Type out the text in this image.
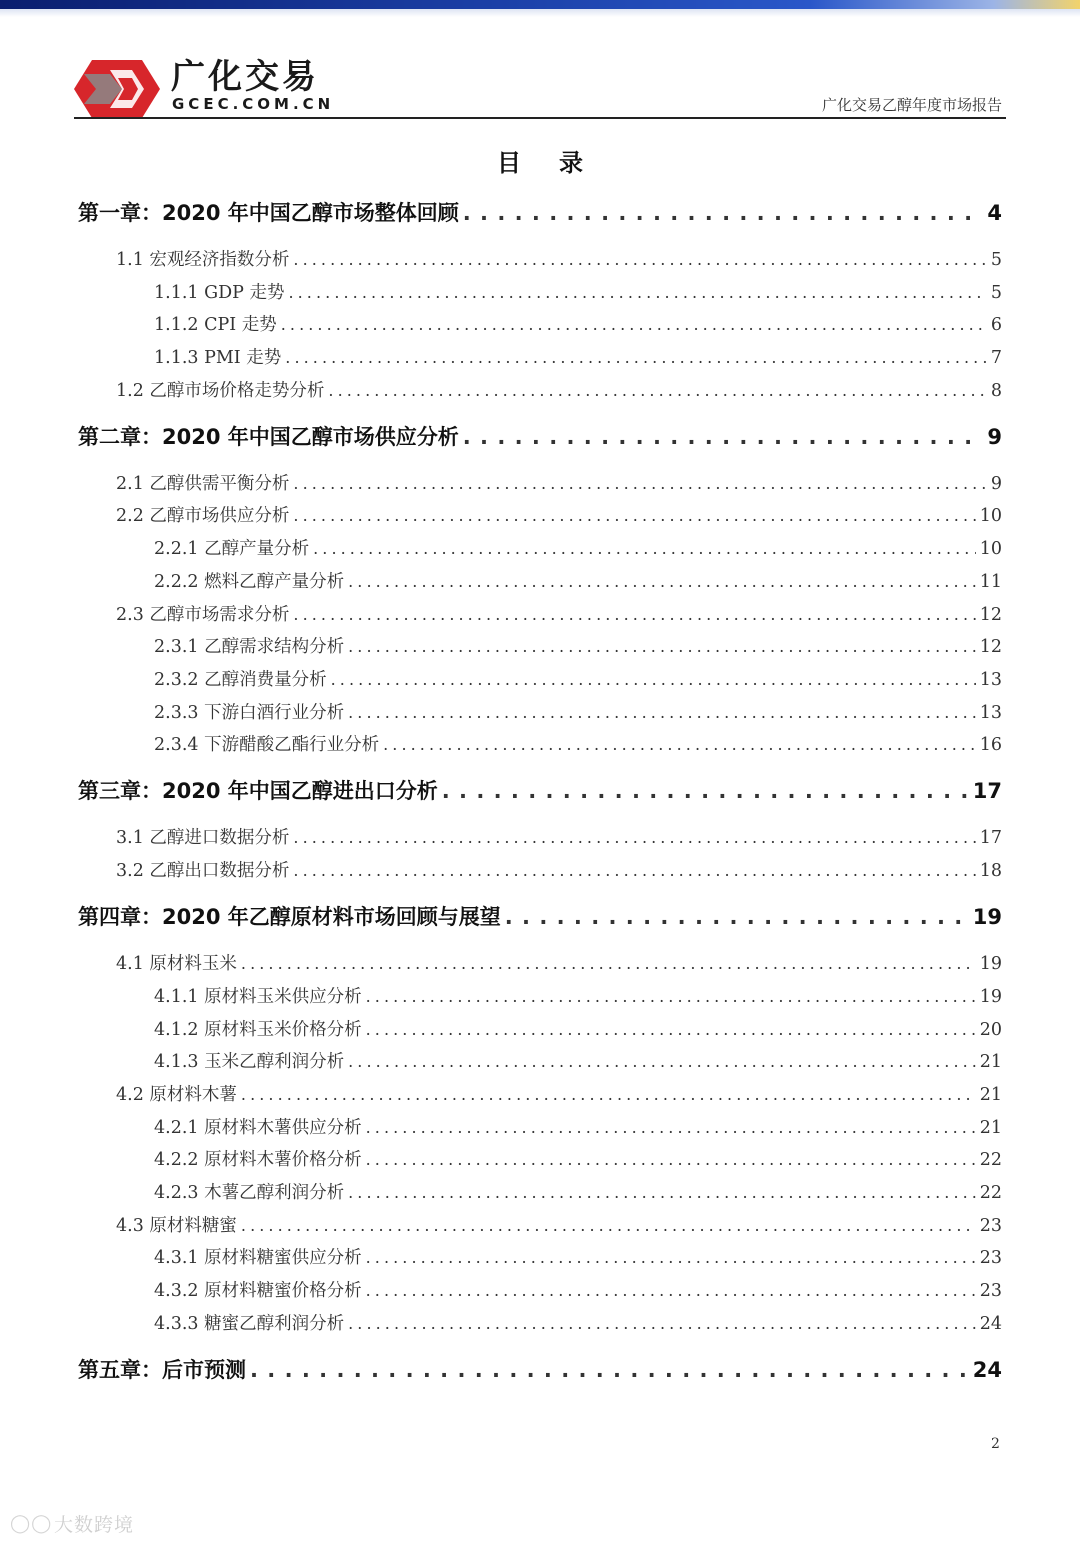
广化交易
GCEC.COM.CN	广化交易乙醇年度市场报告
目录
第一章：2020 年中国乙醇市场整体回顾 . . .	4
1.1 宏观经济指数分析 . . .	5
1.1.1 GDP 走势 . . .	5
1.1.2 CPI 走势 . . .	6
1.1.3 PMI 走势 . . .	7
1.2 乙醇市场价格走势分析 . . .	8
第二章：2020 年中国乙醇市场供应分析 . . .	9
2.1 乙醇供需平衡分析 . . .	9
2.2 乙醇市场供应分析 . . .	10
2.2.1 乙醇产量分析 . . .	10
2.2.2 燃料乙醇产量分析 . . .	11
2.3 乙醇市场需求分析 . . .	12
2.3.1 乙醇需求结构分析 . . .	12
2.3.2 乙醇消费量分析 . . .	13
2.3.3 下游白酒行业分析 . . .	13
2.3.4 下游醋酸乙酯行业分析 . . .	16
第三章：2020 年中国乙醇进出口分析 . . .	17
3.1 乙醇进口数据分析 . . .	17
3.2 乙醇出口数据分析 . . .	18
第四章：2020 年乙醇原材料市场回顾与展望 . . .	19
4.1 原材料玉米 . . .	19
4.1.1 原材料玉米供应分析 . . .	19
4.1.2 原材料玉米价格分析 . . .	20
4.1.3 玉米乙醇利润分析 . . .	21
4.2 原材料木薯 . . .	21
4.2.1 原材料木薯供应分析 . . .	21
4.2.2 原材料木薯价格分析 . . .	22
4.2.3 木薯乙醇利润分析 . . .	22
4.3 原材料糖蜜 . . .	23
4.3.1 原材料糖蜜供应分析 . . .	23
4.3.2 原材料糖蜜价格分析 . . .	23
4.3.3 糖蜜乙醇利润分析 . . .	24
第五章：后市预测 . . .	24
2
◯◯ 大数跨境
